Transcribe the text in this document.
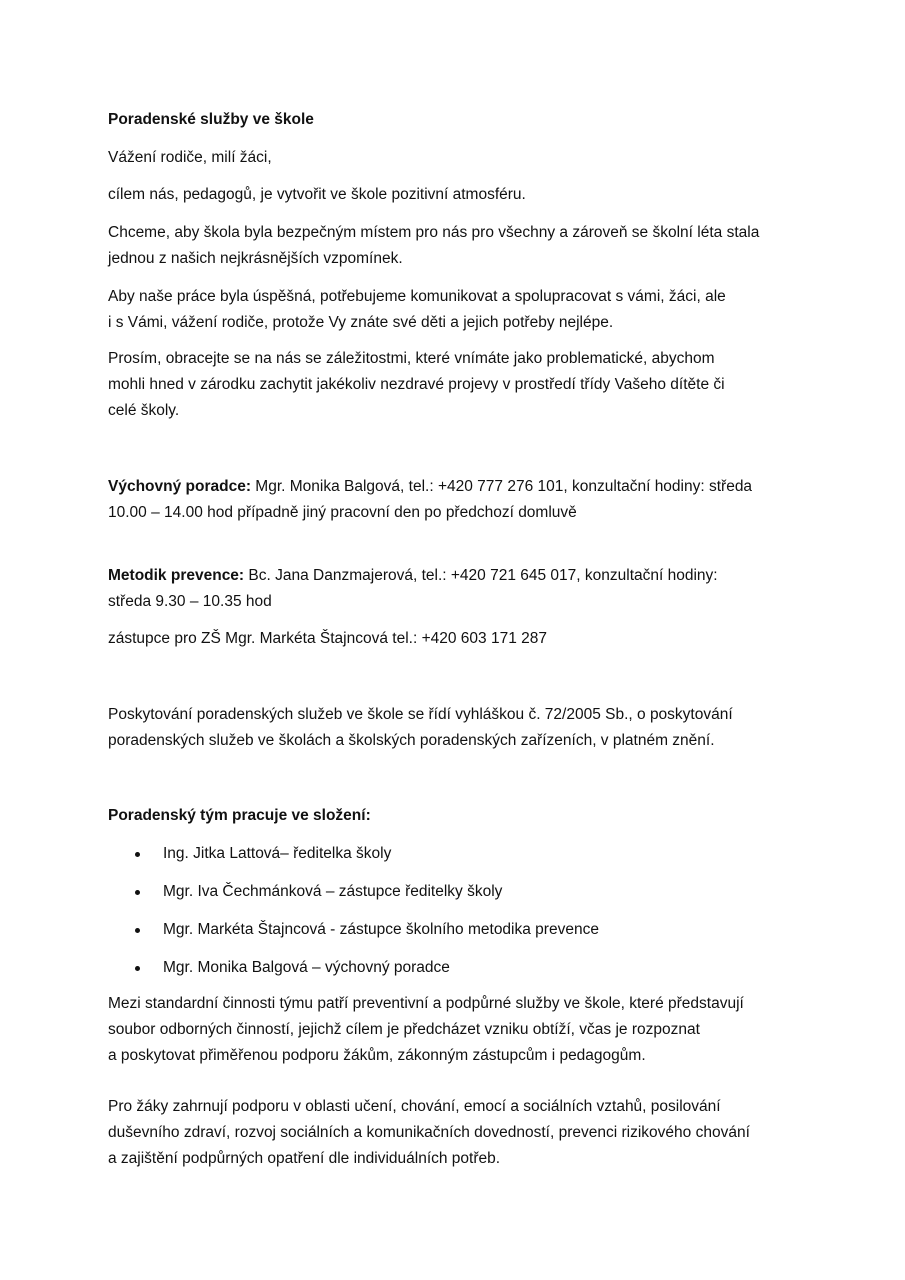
Poradenské služby ve škole

Vážení rodiče, milí žáci,

cílem nás, pedagogů, je vytvořit ve škole pozitivní atmosféru.

Chceme, aby škola byla bezpečným místem pro nás pro všechny a zároveň se školní léta stala
jednou z našich nejkrásnějších vzpomínek.
Aby naše práce byla úspěšná, potřebujeme komunikovat a spolupracovat s vámi, žáci, ale
i s Vámi, vážení rodiče, protože Vy znáte své děti a jejich potřeby nejlépe.
Prosím, obracejte se na nás se záležitostmi, které vnímáte jako problematické, abychom
mohli hned v zárodku zachytit jakékoliv nezdravé projevy v prostředí třídy Vašeho dítěte či
celé školy.
Výchovný poradce: Mgr. Monika Balgová, tel.: +420 777 276 101, konzultační hodiny: středa
10.00 – 14.00 hod případně jiný pracovní den po předchozí domluvě
Metodik prevence: Bc. Jana Danzmajerová, tel.: +420 721 645 017, konzultační hodiny:
středa 9.30 – 10.35 hod

zástupce pro ZŠ Mgr. Markéta Štajncová tel.: +420 603 171 287

Poskytování poradenských služeb ve škole se řídí vyhláškou č. 72/2005 Sb., o poskytování
poradenských služeb ve školách a školských poradenských zařízeních, v platném znění.

Poradenský tým pracuje ve složení:

Ing. Jitka Lattová– ředitelka školy
Mgr. Iva Čechmánková – zástupce ředitelky školy
Mgr. Markéta Štajncová - zástupce školního metodika prevence
Mgr. Monika Balgová – výchovný poradce
Mezi standardní činnosti týmu patří preventivní a podpůrné služby ve škole, které představují
soubor odborných činností, jejichž cílem je předcházet vzniku obtíží, včas je rozpoznat
a poskytovat přiměřenou podporu žákům, zákonným zástupcům i pedagogům.
Pro žáky zahrnují podporu v oblasti učení, chování, emocí a sociálních vztahů, posilování
duševního zdraví, rozvoj sociálních a komunikačních dovedností, prevenci rizikového chování
a zajištění podpůrných opatření dle individuálních potřeb.
